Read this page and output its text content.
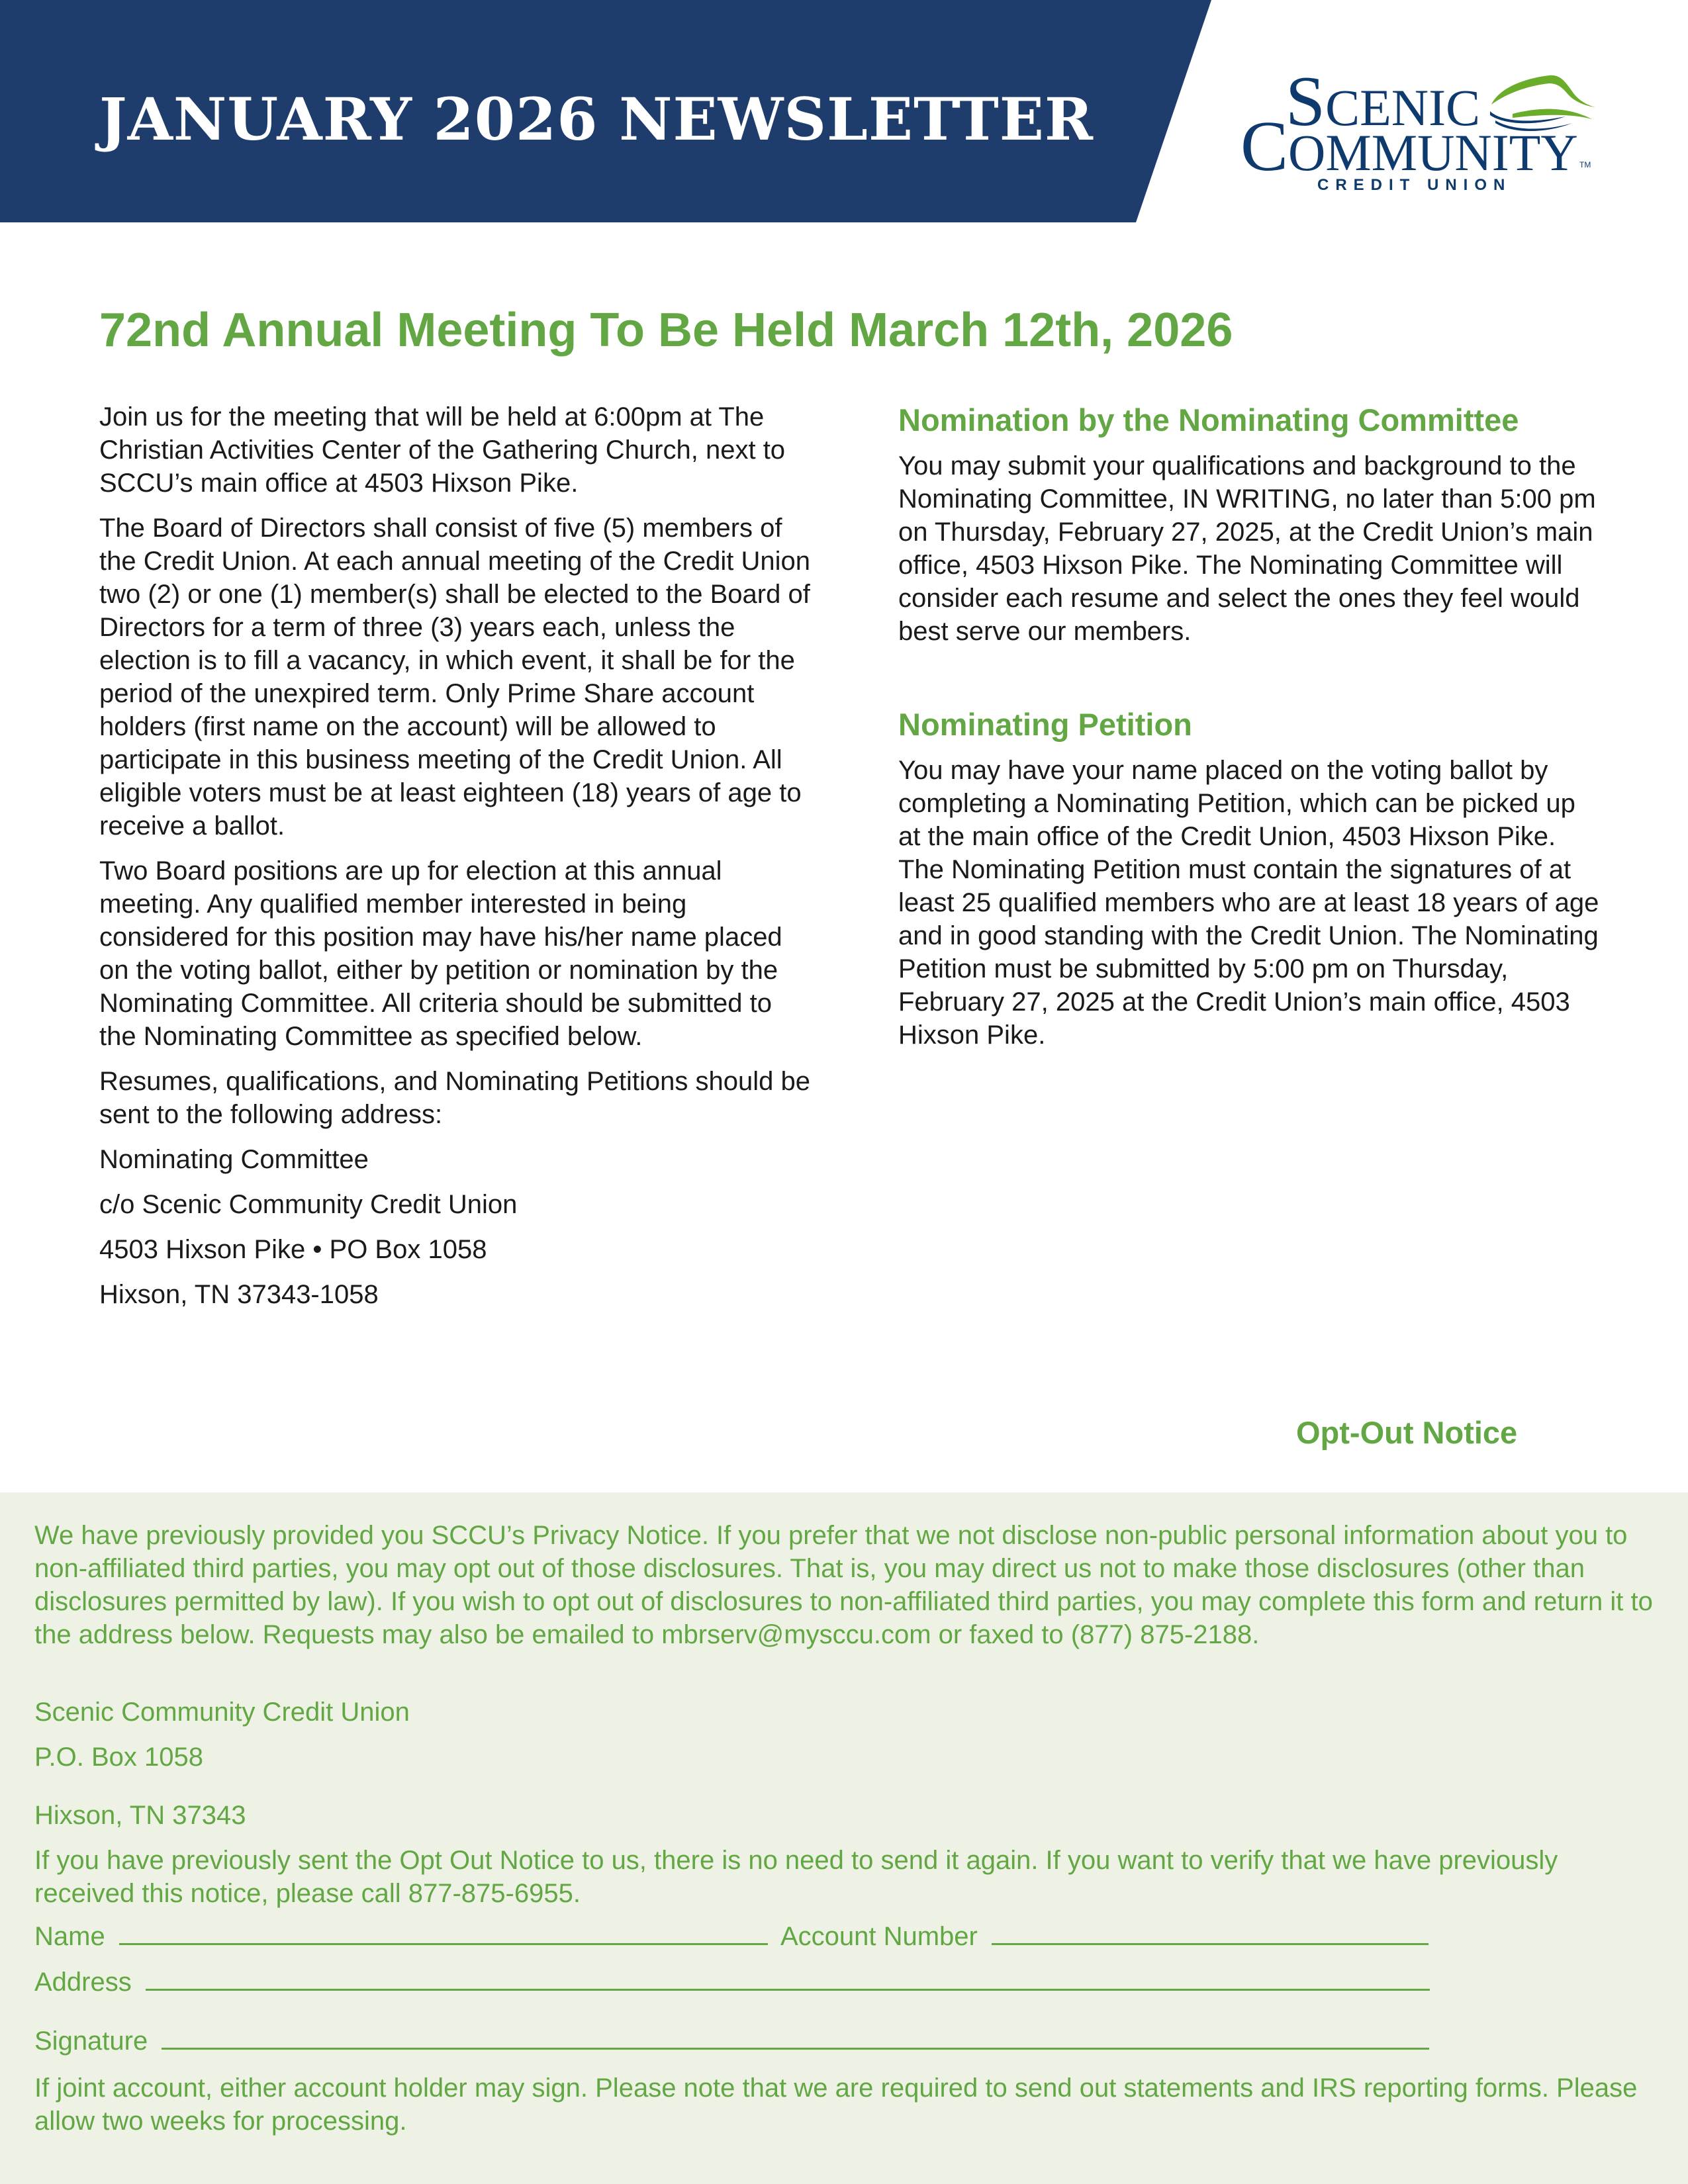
JANUARY 2026 NEWSLETTER	SCENIC
COMMUNITY TM
CREDIT UNION
72nd Annual Meeting To Be Held March 12th, 2026

Join us for the meeting that will be held at 6:00pm at The Christian Activities Center of the Gathering Church, next to SCCU’s main office at 4503 Hixson Pike.

The Board of Directors shall consist of five (5) members of the Credit Union. At each annual meeting of the Credit Union two (2) or one (1) member(s) shall be elected to the Board of Directors for a term of three (3) years each, unless the election is to fill a vacancy, in which event, it shall be for the period of the unexpired term. Only Prime Share account holders (first name on the account) will be allowed to participate in this business meeting of the Credit Union. All eligible voters must be at least eighteen (18) years of age to receive a ballot.

Two Board positions are up for election at this annual meeting. Any qualified member interested in being considered for this position may have his/her name placed on the voting ballot, either by petition or nomination by the Nominating Committee. All criteria should be submitted to the Nominating Committee as specified below.

Resumes, qualifications, and Nominating Petitions should be sent to the following address:

Nominating Committee

c/o Scenic Community Credit Union

4503 Hixson Pike • PO Box 1058

Hixson, TN 37343-1058

Nomination by the Nominating Committee

You may submit your qualifications and background to the Nominating Committee, IN WRITING, no later than 5:00 pm on Thursday, February 27, 2025, at the Credit Union’s main office, 4503 Hixson Pike. The Nominating Committee will consider each resume and select the ones they feel would best serve our members.

Nominating Petition

You may have your name placed on the voting ballot by completing a Nominating Petition, which can be picked up at the main office of the Credit Union, 4503 Hixson Pike. The Nominating Petition must contain the signatures of at least 25 qualified members who are at least 18 years of age and in good standing with the Credit Union. The Nominating Petition must be submitted by 5:00 pm on Thursday, February 27, 2025 at the Credit Union’s main office, 4503 Hixson Pike.

Opt-Out Notice

We have previously provided you SCCU’s Privacy Notice. If you prefer that we not disclose non-public personal information about you to non-affiliated third parties, you may opt out of those disclosures. That is, you may direct us not to make those disclosures (other than disclosures permitted by law). If you wish to opt out of disclosures to non-affiliated third parties, you may complete this form and return it to the address below. Requests may also be emailed to mbrserv@mysccu.com or faxed to (877) 875-2188.

Scenic Community Credit Union
P.O. Box 1058
Hixson, TN 37343

If you have previously sent the Opt Out Notice to us, there is no need to send it again. If you want to verify that we have previously received this notice, please call 877-875-6955.

Name	Account Number
Address
Signature

If joint account, either account holder may sign. Please note that we are required to send out statements and IRS reporting forms. Please allow two weeks for processing.
